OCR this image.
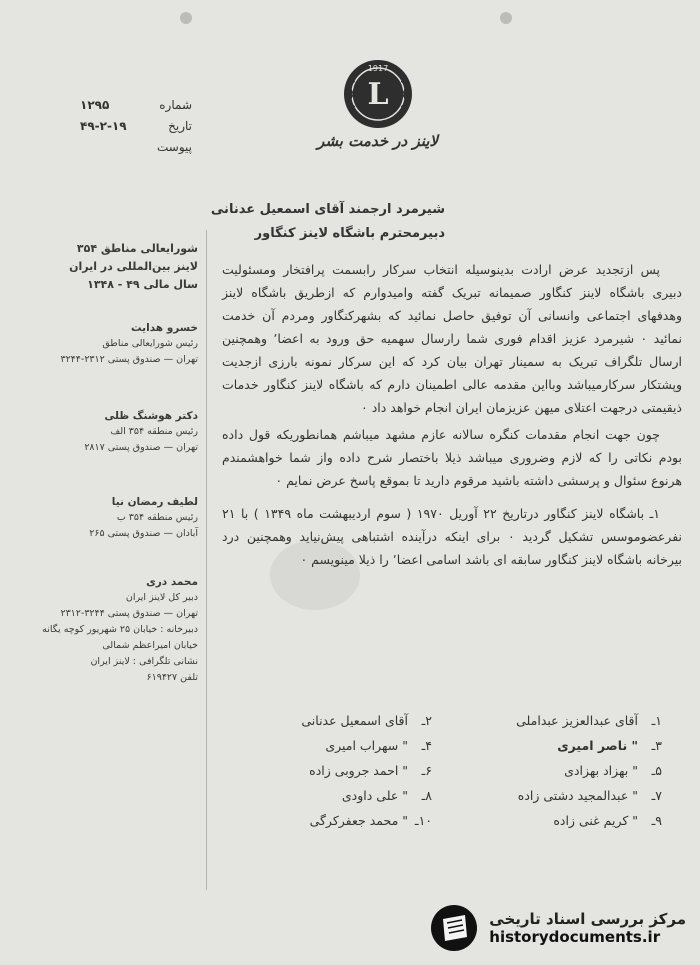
1917
L
لاینز در خدمت بشر
شماره
۱۲۹۵
تاریخ
۴۹-۲-۱۹
پیوست
شورایعالی مناطق ۳۵۴
لاینز بین‌المللی در ایران
سال مالی ۴۹ - ۱۳۴۸
خسرو هدایت
رئیس شورایعالی مناطق
تهران — صندوق پستی ۲۳۱۲-۳۲۴۴
دکتر هوشنگ ظلی
رئیس منطقه ۳۵۴ الف
تهران — صندوق پستی ۲۸۱۷
لطیف رمضان نیا
رئیس منطقه ۳۵۴ ب
آبادان — صندوق پستی ۲۶۵
محمد دری
دبیر کل لاینز ایران
تهران — صندوق پستی ۳۲۴۴-۲۳۱۲
دبیرخانه : خیابان ۲۵ شهریور کوچه یگانه
خیابان امیراعظم شمالی
نشانی تلگرافی : لاینز ایران
تلفن ۶۱۹۴۲۷
شیرمرد ارجمند آقای اسمعیل عدنانی
دبیرمحترم باشگاه لاینز کنگاور

پس ازتجدید عرض ارادت بدینوسیله انتخاب سرکار رابسمت پرافتخار ومسئولیت دبیری باشگاه لاینز کنگاور صمیمانه تبریک گفته وامیدوارم که ازطریق باشگاه لاینز وهدفهای اجتماعی وانسانی آن توفیق حاصل نمائید که بشهرکنگاور ومردم آن خدمت نمائید ٠ شیرمرد عزیز اقدام فوری شما رارسال سهمیه حق ورود به اعضا٬ وهمچنین ارسال تلگراف تبریک به سمینار تهران بیان کرد که این سرکار نمونه بارزی ازجدیت وپشتکار سرکارمیباشد وبااین مقدمه عالی اطمینان دارم که باشگاه لاینز کنگاور خدمات ذیقیمتی درجهت اعتلای میهن عزیزمان ایران انجام خواهد داد ٠

چون جهت انجام مقدمات کنگره سالانه عازم مشهد میباشم همانطوریکه قول داده بودم نکاتی را که لازم وضروری میباشد ذیلا باختصار شرح داده واز شما خواهشمندم هرنوع سئوال و پرسشی داشته باشید مرقوم دارید تا بموقع پاسخ عرض نمایم ٠

۱ـ باشگاه لاینز کنگاور درتاریخ ۲۲ آوریل ۱۹۷۰ ( سوم اردیبهشت ماه ۱۳۴۹ ) با ۲۱ نفرعضوموسس تشکیل گردید ٠ برای اینکه درآینده اشتباهی پیش‌نیاید وهمچنین درد بیرخانه باشگاه لاینز کنگاور سابقه ای باشد اسامی اعضا٬ را ذیلا مینویسم ٠

۱ـ آقای عبدالعزیز عبداملی
۳ـ " ناصر امیری
۵ـ " بهزاد بهزادی
۷ـ " عبدالمجید دشتی زاده
۹ـ " کریم غنی زاده
۲ـ آقای اسمعیل عدنانی
۴ـ " سهراب امیری
۶ـ " احمد جروبی زاده
۸ـ " علی داودی
۱۰ـ " محمد جعفرکرگی
مرکز بررسی اسناد تاریخی
historydocuments.ir
